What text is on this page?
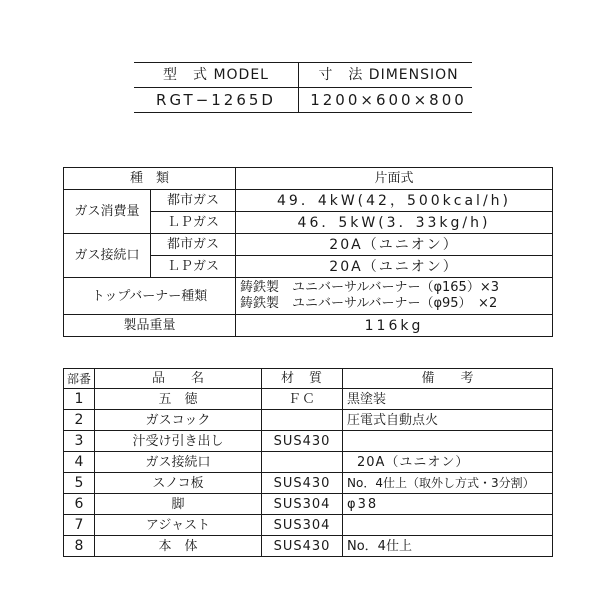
型　式 MODEL	寸　法 DIMENSION
RGT−1265D	1200×600×800
種　類		片面式
ガス消費量	都市ガス	49．4kW(42，500kcal/h)
	ＬＰガス	46．5kW(3．33kg/h)
ガス接続口	都市ガス	20A（ユニオン）
	ＬＰガス	20A（ユニオン）
トップバーナー種類		鋳鉄製　ユニバーサルバーナー（φ165）×3
鋳鉄製　ユニバーサルバーナー（φ95）　×2

製品重量		116kg
部番	品　　名	材　質	備　　考
1	五　徳	ＦＣ	黒塗装
2	ガスコック		圧電式自動点火
3	汁受け引き出し	SUS430	
4	ガス接続口		20A（ユニオン）
5	スノコ板	SUS430	No．4仕上（取外し方式・3分割）
6	脚	SUS304	φ38
7	アジャスト	SUS304	
8	本　体	SUS430	No．4仕上
